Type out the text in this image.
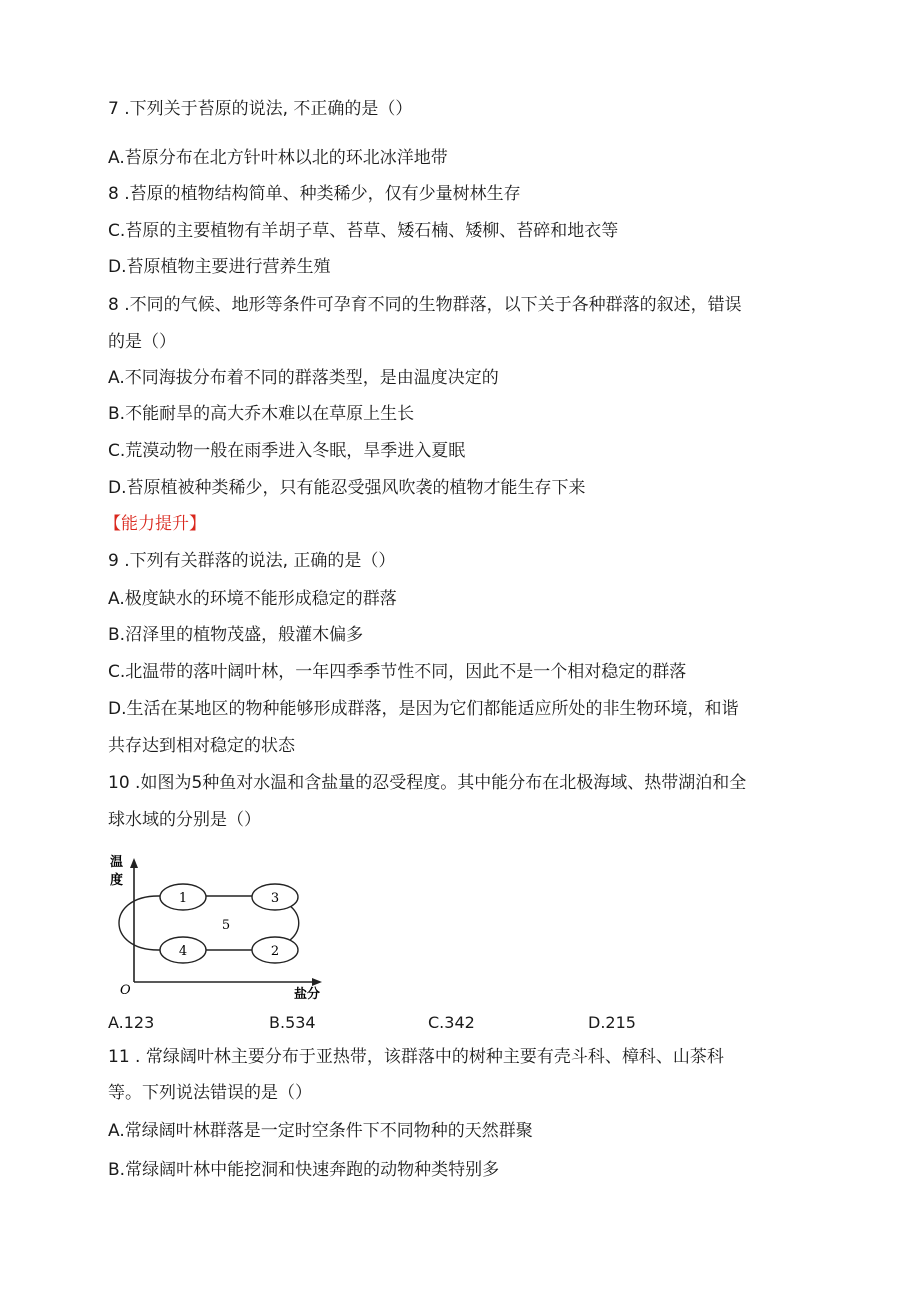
7 .下列关于苔原的说法, 不正确的是（）
A.苔原分布在北方针叶林以北的环北冰洋地带
8 .苔原的植物结构简单、种类稀少，仅有少量树林生存
C.苔原的主要植物有羊胡子草、苔草、矮石楠、矮柳、苔碎和地衣等
D.苔原植物主要进行营养生殖
8 .不同的气候、地形等条件可孕育不同的生物群落，以下关于各种群落的叙述，错误
的是（）
A.不同海拔分布着不同的群落类型，是由温度决定的
B.不能耐旱的高大乔木难以在草原上生长
C.荒漠动物一般在雨季进入冬眠，旱季进入夏眠
D.苔原植被种类稀少，只有能忍受强风吹袭的植物才能生存下来
【能力提升】
9 .下列有关群落的说法, 正确的是（）
A.极度缺水的环境不能形成稳定的群落
B.沼泽里的植物茂盛，般灌木偏多
C.北温带的落叶阔叶林，一年四季季节性不同，因此不是一个相对稳定的群落
D.生活在某地区的物种能够形成群落，是因为它们都能适应所处的非生物环境，和谐
共存达到相对稳定的状态
10 .如图为5种鱼对水温和含盐量的忍受程度。其中能分布在北极海域、热带湖泊和全
球水域的分别是（）
温
度
O	盐分
1	3
4	2
5
A.123	B.534	C.342	D.215
11 . 常绿阔叶林主要分布于亚热带，该群落中的树种主要有壳斗科、樟科、山茶科
等。下列说法错误的是（）
A.常绿阔叶林群落是一定时空条件下不同物种的天然群聚
B.常绿阔叶林中能挖洞和快速奔跑的动物种类特别多
